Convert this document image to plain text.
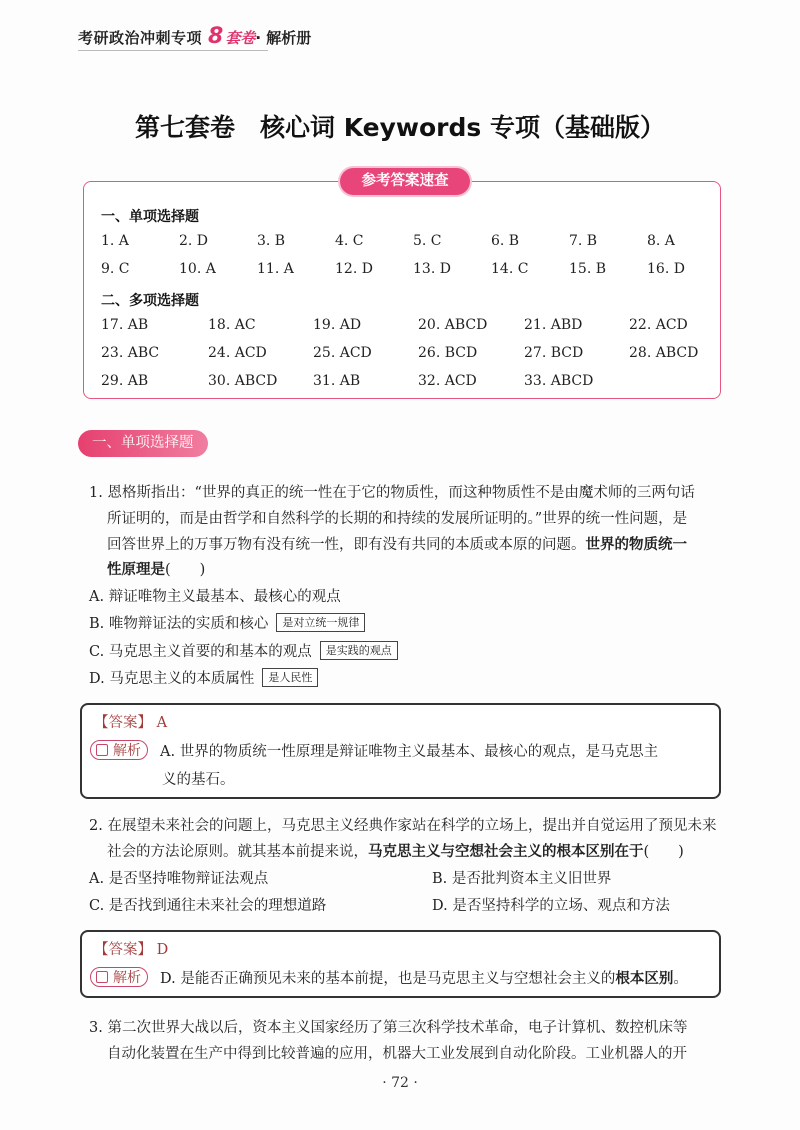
考研政治冲刺专项 8 套卷 · 解析册
第七套卷　核心词 Keywords 专项（基础版）
参考答案速查
一、单项选择题
1. A	2. D	3. B	4. C	5. C	6. B	7. B	8. A
9. C	10. A	11. A	12. D	13. D	14. C	15. B	16. D
二、多项选择题
17. AB	18. AC	19. AD	20. ABCD	21. ABD	22. ACD
23. ABC	24. ACD	25. ACD	26. BCD	27. BCD	28. ABCD
29. AB	30. ABCD	31. AB	32. ACD	33. ABCD
一、单项选择题
1. 恩格斯指出：“世界的真正的统一性在于它的物质性，而这种物质性不是由魔术师的三两句话
所证明的，而是由哲学和自然科学的长期的和持续的发展所证明的。”世界的统一性问题，是
回答世界上的万事万物有没有统一性，即有没有共同的本质或本原的问题。世界的物质统一
性原理是(　　)
A. 辩证唯物主义最基本、最核心的观点
B. 唯物辩证法的实质和核心 是对立统一规律
C. 马克思主义首要的和基本的观点 是实践的观点
D. 马克思主义的本质属性 是人民性
【答案】 A
解析	A. 世界的物质统一性原理是辩证唯物主义最基本、最核心的观点，是马克思主
义的基石。
2. 在展望未来社会的问题上，马克思主义经典作家站在科学的立场上，提出并自觉运用了预见未来
社会的方法论原则。就其基本前提来说，马克思主义与空想社会主义的根本区别在于(　　)
A. 是否坚持唯物辩证法观点	B. 是否批判资本主义旧世界
C. 是否找到通往未来社会的理想道路	D. 是否坚持科学的立场、观点和方法
【答案】 D
解析	D. 是能否正确预见未来的基本前提，也是马克思主义与空想社会主义的根本区别。
3. 第二次世界大战以后，资本主义国家经历了第三次科学技术革命，电子计算机、数控机床等
自动化装置在生产中得到比较普遍的应用，机器大工业发展到自动化阶段。工业机器人的开
· 72 ·
